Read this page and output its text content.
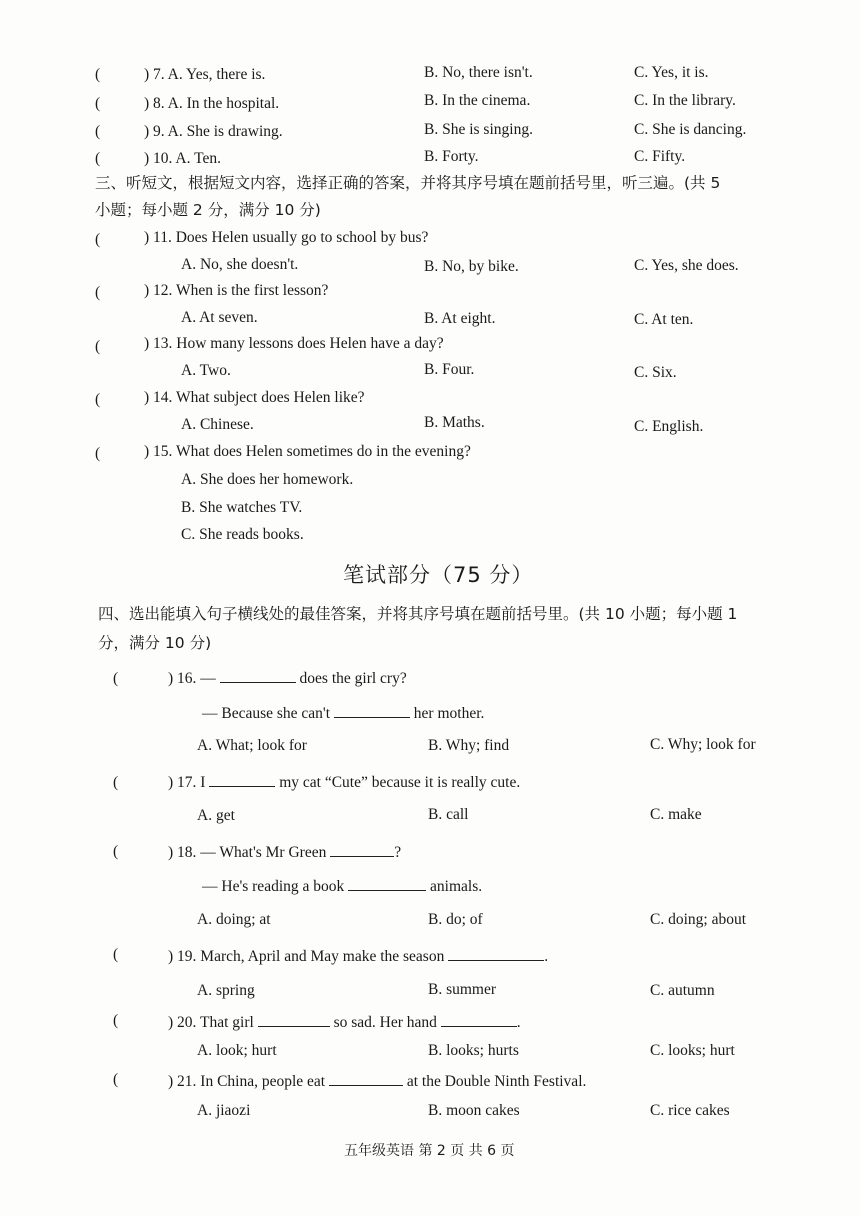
(	) 7. A. Yes, there is.	B. No, there isn't.	C. Yes, it is.
(	) 8. A. In the hospital.	B. In the cinema.	C. In the library.
(	) 9. A. She is drawing.	B. She is singing.	C. She is dancing.
(	) 10. A. Ten.	B. Forty.	C. Fifty.
三、听短文，根据短文内容，选择正确的答案，并将其序号填在题前括号里，听三遍。(共 5
小题；每小题 2 分，满分 10 分)
(	) 11. Does Helen usually go to school by bus?
A. No, she doesn't.	B. No, by bike.	C. Yes, she does.
(	) 12. When is the first lesson?
A. At seven.	B. At eight.	C. At ten.
(	) 13. How many lessons does Helen have a day?
A. Two.	B. Four.	C. Six.
(	) 14. What subject does Helen like?
A. Chinese.	B. Maths.	C. English.
(	) 15. What does Helen sometimes do in the evening?
A. She does her homework.
B. She watches TV.
C. She reads books.
笔试部分（75 分）
四、选出能填入句子横线处的最佳答案，并将其序号填在题前括号里。(共 10 小题；每小题 1
分，满分 10 分)
(	) 16. —	does the girl cry?
— Because she can't	her mother.
A. What; look for	B. Why; find	C. Why; look for
(	) 17. I	my cat “Cute” because it is really cute.
A. get	B. call	C. make
(	) 18. — What's Mr Green	?
— He's reading a book	animals.
A. doing; at	B. do; of	C. doing; about
(	) 19. March, April and May make the season	.
A. spring	B. summer	C. autumn
(	) 20. That girl	so sad. Her hand	.
A. look; hurt	B. looks; hurts	C. looks; hurt
(	) 21. In China, people eat	at the Double Ninth Festival.
A. jiaozi	B. moon cakes	C. rice cakes
五年级英语 第 2 页 共 6 页
